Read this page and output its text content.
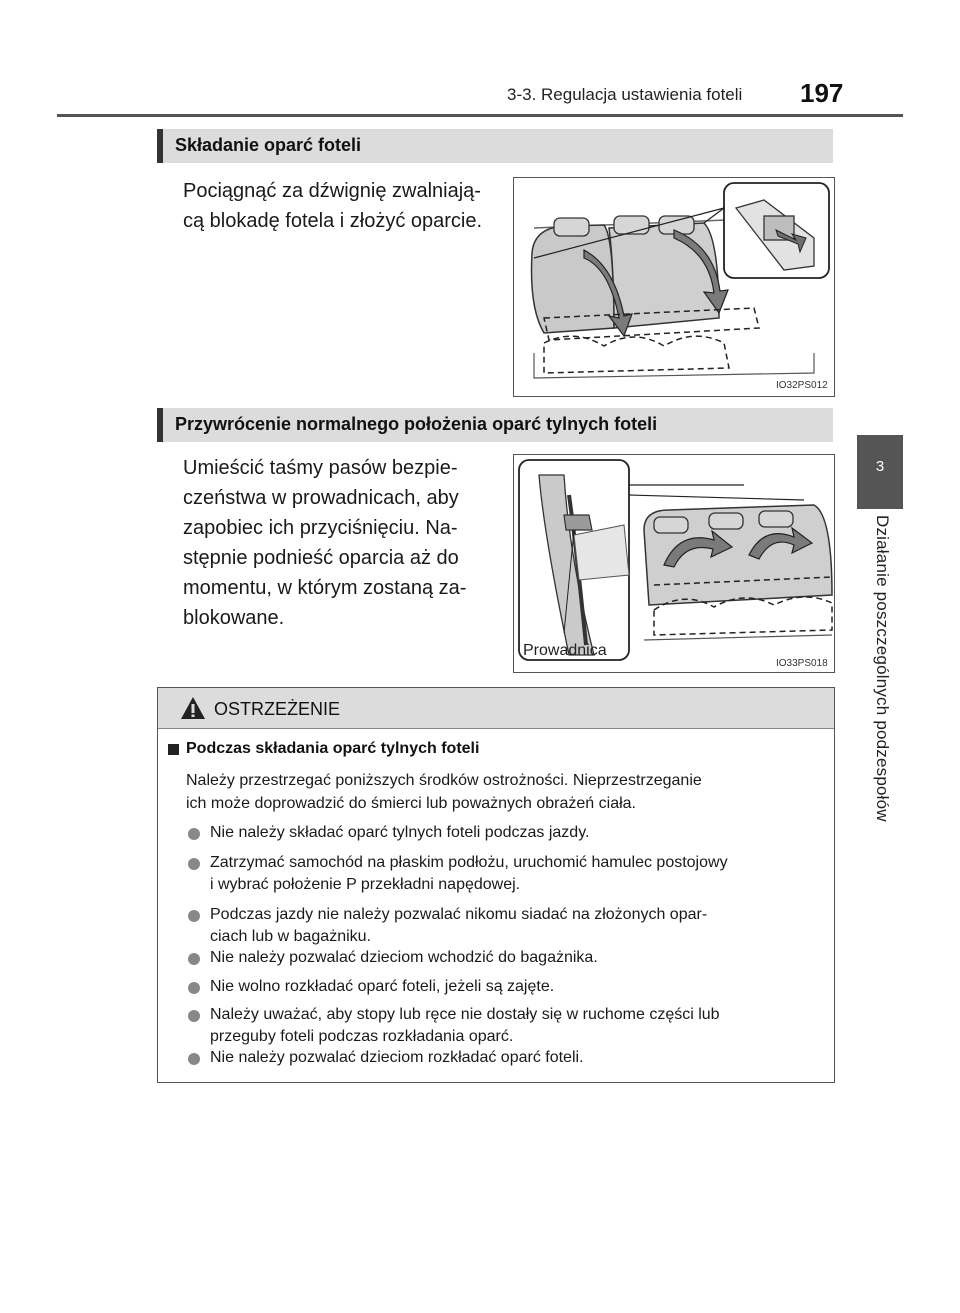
3-3. Regulacja ustawienia foteli 197
3
Działanie poszczególnych podzespołów
Składanie oparć foteli
Pociągnąć za dźwignię zwalniają-
cą blokadę fotela i złożyć oparcie.
IO32PS012
Przywrócenie normalnego położenia oparć tylnych foteli
Umieścić taśmy pasów bezpie-
czeństwa w prowadnicach, aby
zapobiec ich przyciśnięciu. Na-
stępnie podnieść oparcia aż do
momentu, w którym zostaną za-
blokowane.
Prowadnica
IO33PS018
OSTRZEŻENIE
Podczas składania oparć tylnych foteli
Należy przestrzegać poniższych środków ostrożności. Nieprzestrzeganie
ich może doprowadzić do śmierci lub poważnych obrażeń ciała.
Nie należy składać oparć tylnych foteli podczas jazdy.
Zatrzymać samochód na płaskim podłożu, uruchomić hamulec postojowy
i wybrać położenie P przekładni napędowej.
Podczas jazdy nie należy pozwalać nikomu siadać na złożonych opar-
ciach lub w bagażniku.
Nie należy pozwalać dzieciom wchodzić do bagażnika.
Nie wolno rozkładać oparć foteli, jeżeli są zajęte.
Należy uważać, aby stopy lub ręce nie dostały się w ruchome części lub
przeguby foteli podczas rozkładania oparć.
Nie należy pozwalać dzieciom rozkładać oparć foteli.
